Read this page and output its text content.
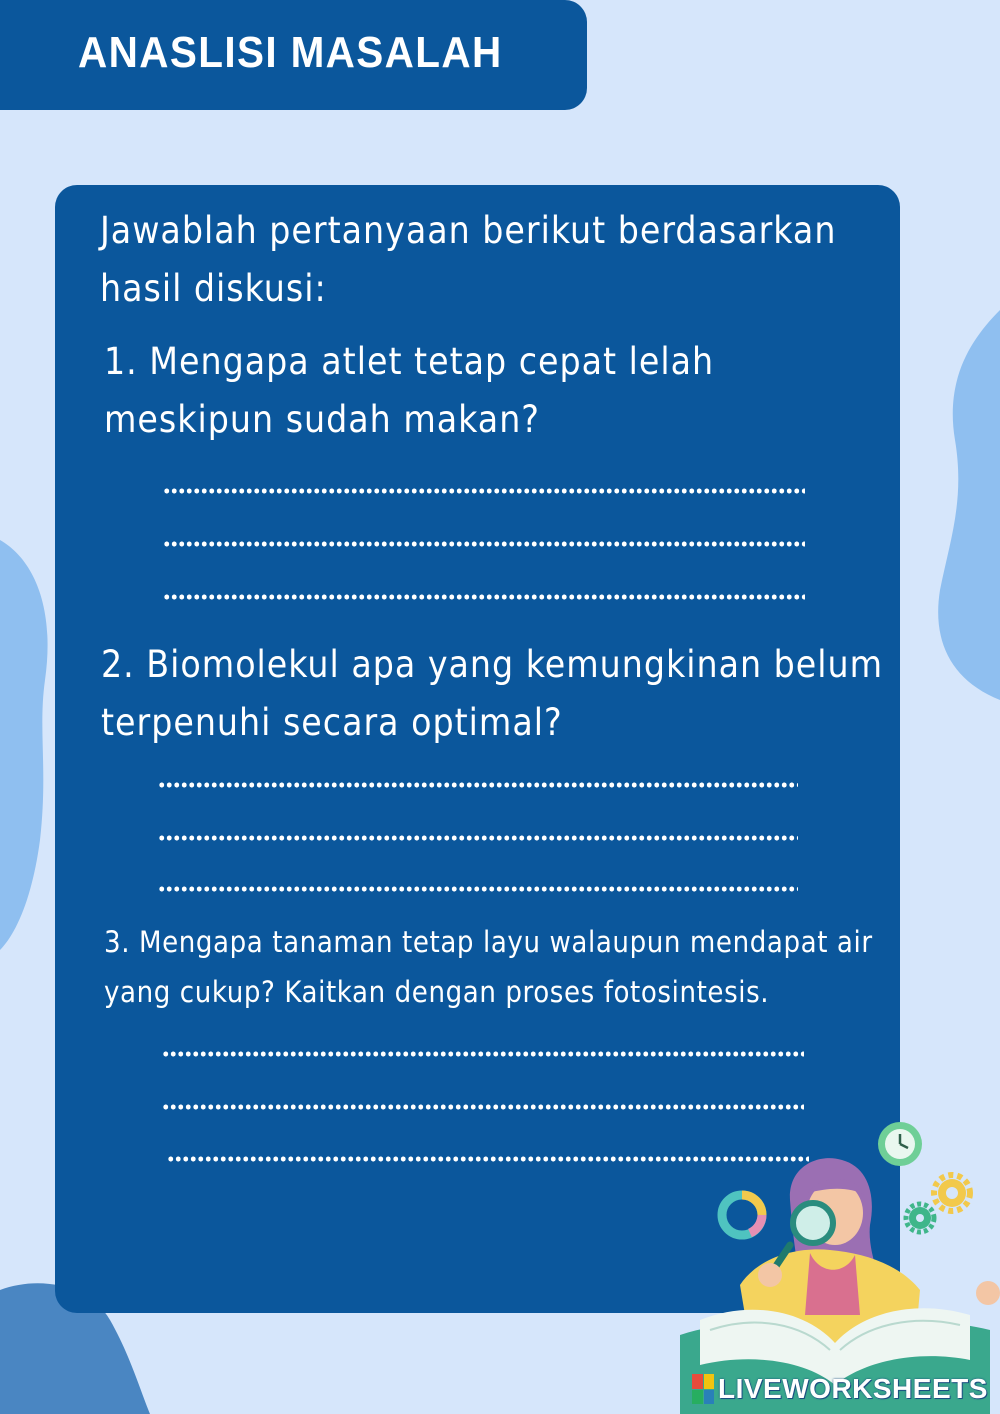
ANASLISI MASALAH
Jawablah pertanyaan berikut berdasarkan hasil diskusi:
1. Mengapa atlet tetap cepat lelah meskipun sudah makan?
2. Biomolekul apa yang kemungkinan belum terpenuhi secara optimal?
3. Mengapa tanaman tetap layu walaupun mendapat air yang cukup? Kaitkan dengan proses fotosintesis.
LIVEWORKSHEETS
